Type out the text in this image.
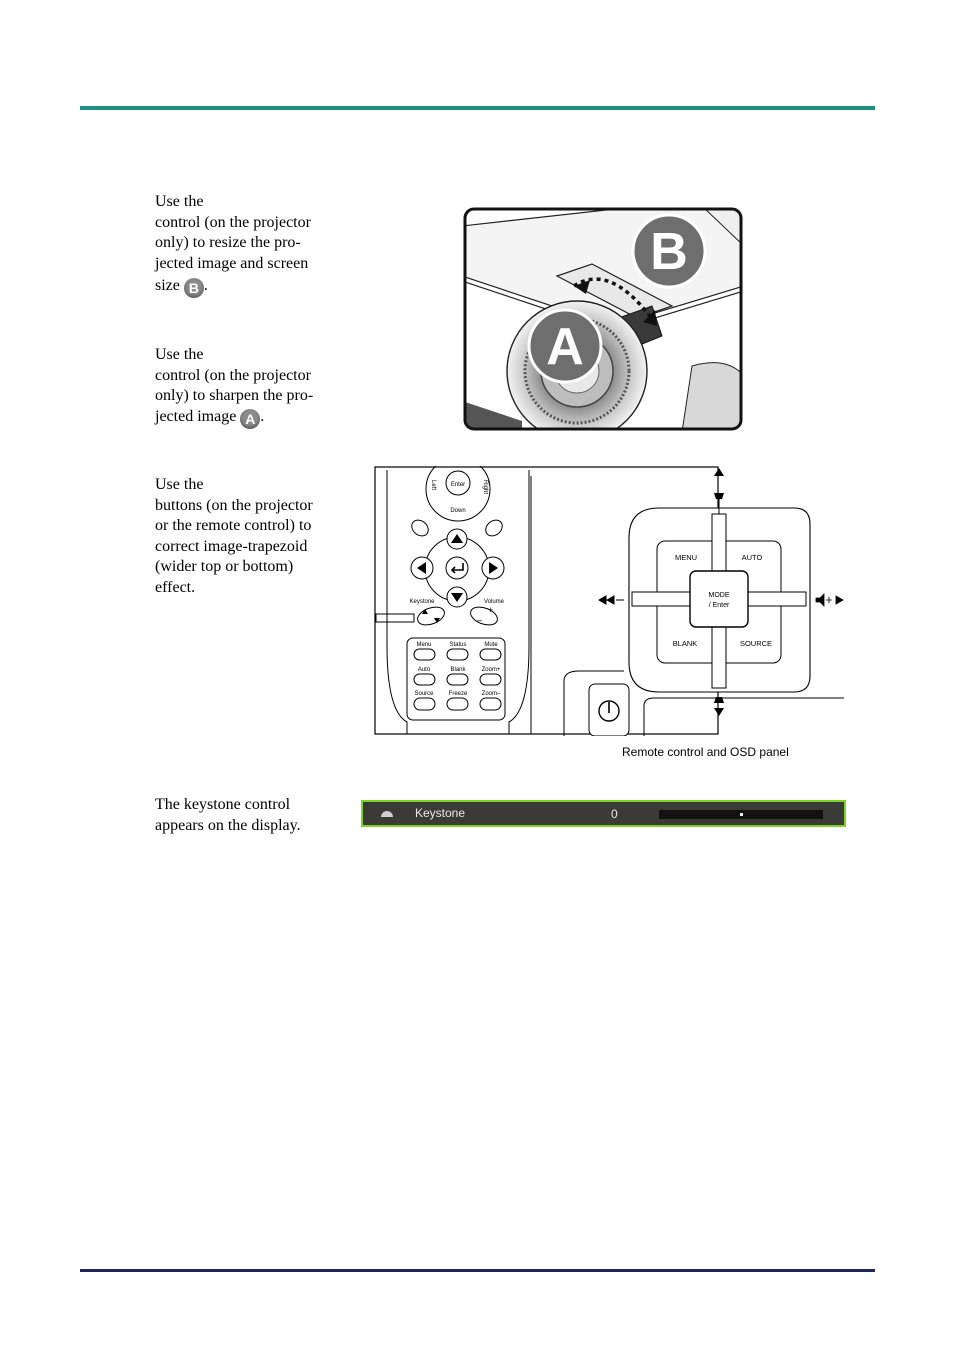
Use the
control (on the projector
only) to resize the pro-
jected image and screen
size B .
Use the
control (on the projector
only) to sharpen the pro-
jected image A .
Use the
buttons (on the projector
or the remote control) to
correct image-trapezoid
(wider top or bottom)
effect.
The keystone control
appears on the display.
B
A
Enter
Down
Left	Right
Keystone	Volume
–
+
Menu	Status	Mute
Auto	Blank	Zoom+
Source	Freeze Zoom–
MODE
/ Enter
MENU	AUTO
BLANK	SOURCE
Remote control and OSD panel
Keystone	0
